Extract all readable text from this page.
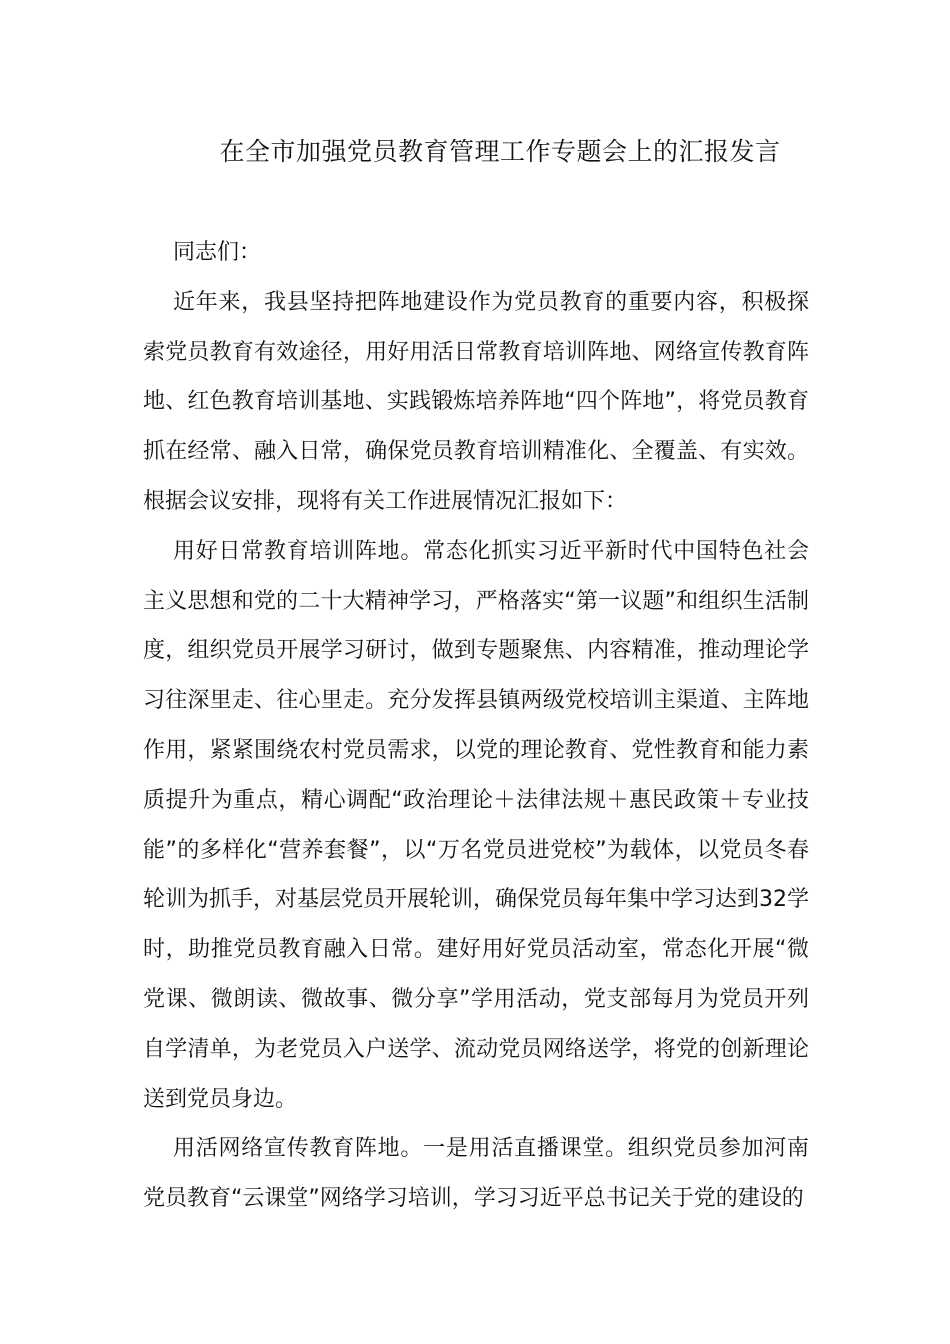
在全市加强党员教育管理工作专题会上的汇报发言

同志们：

近年来，我县坚持把阵地建设作为党员教育的重要内容，积极探索党员教育有效途径，用好用活日常教育培训阵地、网络宣传教育阵地、红色教育培训基地、实践锻炼培养阵地“四个阵地”，将党员教育抓在经常、融入日常，确保党员教育培训精准化、全覆盖、有实效。根据会议安排，现将有关工作进展情况汇报如下：

用好日常教育培训阵地。常态化抓实习近平新时代中国特色社会主义思想和党的二十大精神学习，严格落实“第一议题”和组织生活制度，组织党员开展学习研讨，做到专题聚焦、内容精准，推动理论学习往深里走、往心里走。充分发挥县镇两级党校培训主渠道、主阵地作用，紧紧围绕农村党员需求，以党的理论教育、党性教育和能力素质提升为重点，精心调配“政治理论＋法律法规＋惠民政策＋专业技能”的多样化“营养套餐”，以“万名党员进党校”为载体，以党员冬春轮训为抓手，对基层党员开展轮训，确保党员每年集中学习达到32学时，助推党员教育融入日常。建好用好党员活动室，常态化开展“微党课、微朗读、微故事、微分享”学用活动，党支部每月为党员开列自学清单，为老党员入户送学、流动党员网络送学，将党的创新理论送到党员身边。

用活网络宣传教育阵地。一是用活直播课堂。组织党员参加河南党员教育“云课堂”网络学习培训，学习习近平总书记关于党的建设的
